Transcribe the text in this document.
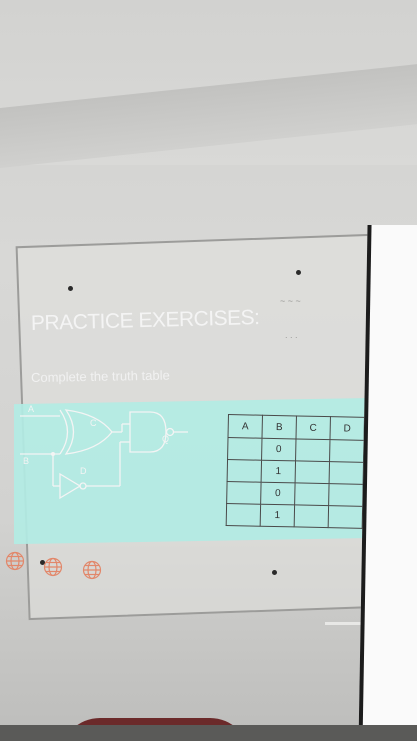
~ ~ ~
. . .
PRACTICE EXERCISES:
Complete the truth table
A
B
C
D
Q
A	B	C	D
	0		
	1		
	0		
	1		
